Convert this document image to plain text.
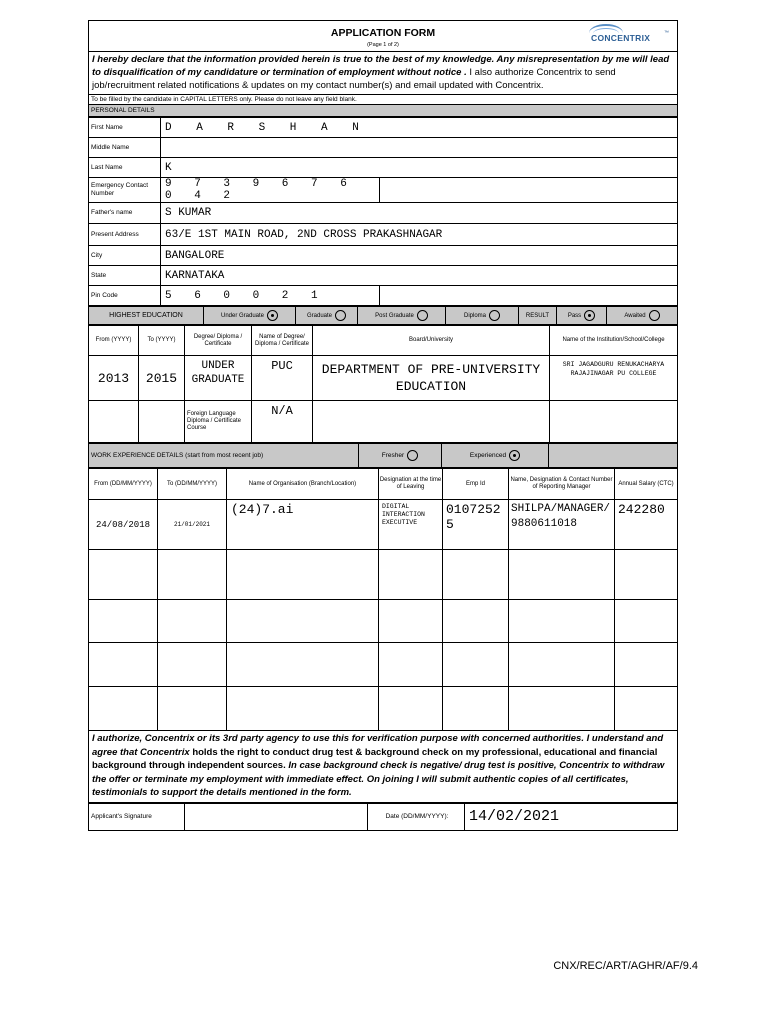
APPLICATION FORM
(Page 1 of 2)
CONCENTRIX	™
I hereby declare that the information provided herein is true to the best of my knowledge. Any misrepresentation by me will lead to disqualification of my candidature or termination of employment without notice . I also authorize Concentrix to send job/recruitment related notifications & updates on my contact number(s) and email updated with Concentrix.
To be filled by the candidate in CAPITAL LETTERS only. Please do not leave any field blank.
PERSONAL DETAILS
First Name	D A R S H A N	
Middle Name		
Last Name	K	
Emergency Contact Number	9 7 3 9 6 7 6 0 4 2	
Father's name	S KUMAR	
Present Address	63/E 1ST MAIN ROAD, 2ND CROSS PRAKASHNAGAR	
City	BANGALORE	
State	KARNATAKA	
Pin Code	5 6 0 0 2 1	
HIGHEST EDUCATION	Under Graduate	Graduate	Post Graduate	Diploma	RESULT	Pass	Awaited
From (YYYY)	To (YYYY)	Degree/ Diploma / Certificate	Name of Degree/ Diploma / Certificate	Board/University	Name of the Institution/School/College
2013	2015	UNDER GRADUATE	PUC	DEPARTMENT OF PRE-UNIVERSITY EDUCATION	SRI JAGADGURU RENUKACHARYA RAJAJINAGAR PU COLLEGE
		Foreign Language Diploma / Certificate Course	N/A		
WORK EXPERIENCE DETAILS (start from most recent job)	Fresher	Experienced	
From (DD/MM/YYYY)	To (DD/MM/YYYY)	Name of Organisation (Branch/Location)	Designation at the time of Leaving	Emp Id	Name, Designation & Contact Number of Reporting Manager	Annual Salary (CTC)
24/08/2018	21/01/2021	(24)7.ai	DIGITAL INTERACTION EXECUTIVE	01072525	SHILPA/MANAGER/9880611018	242280

I authorize, Concentrix or its 3rd party agency to use this for verification purpose with concerned authorities. I understand and agree that Concentrix holds the right to conduct drug test & background check on my professional, educational and financial background through independent sources. In case background check is negative/ drug test is positive, Concentrix to withdraw the offer or terminate my employment with immediate effect. On joining I will submit authentic copies of all certificates, testimonials to support the details mentioned in the form.
Applicant's Signature		Date (DD/MM/YYYY):	14/02/2021
CNX/REC/ART/AGHR/AF/9.4
